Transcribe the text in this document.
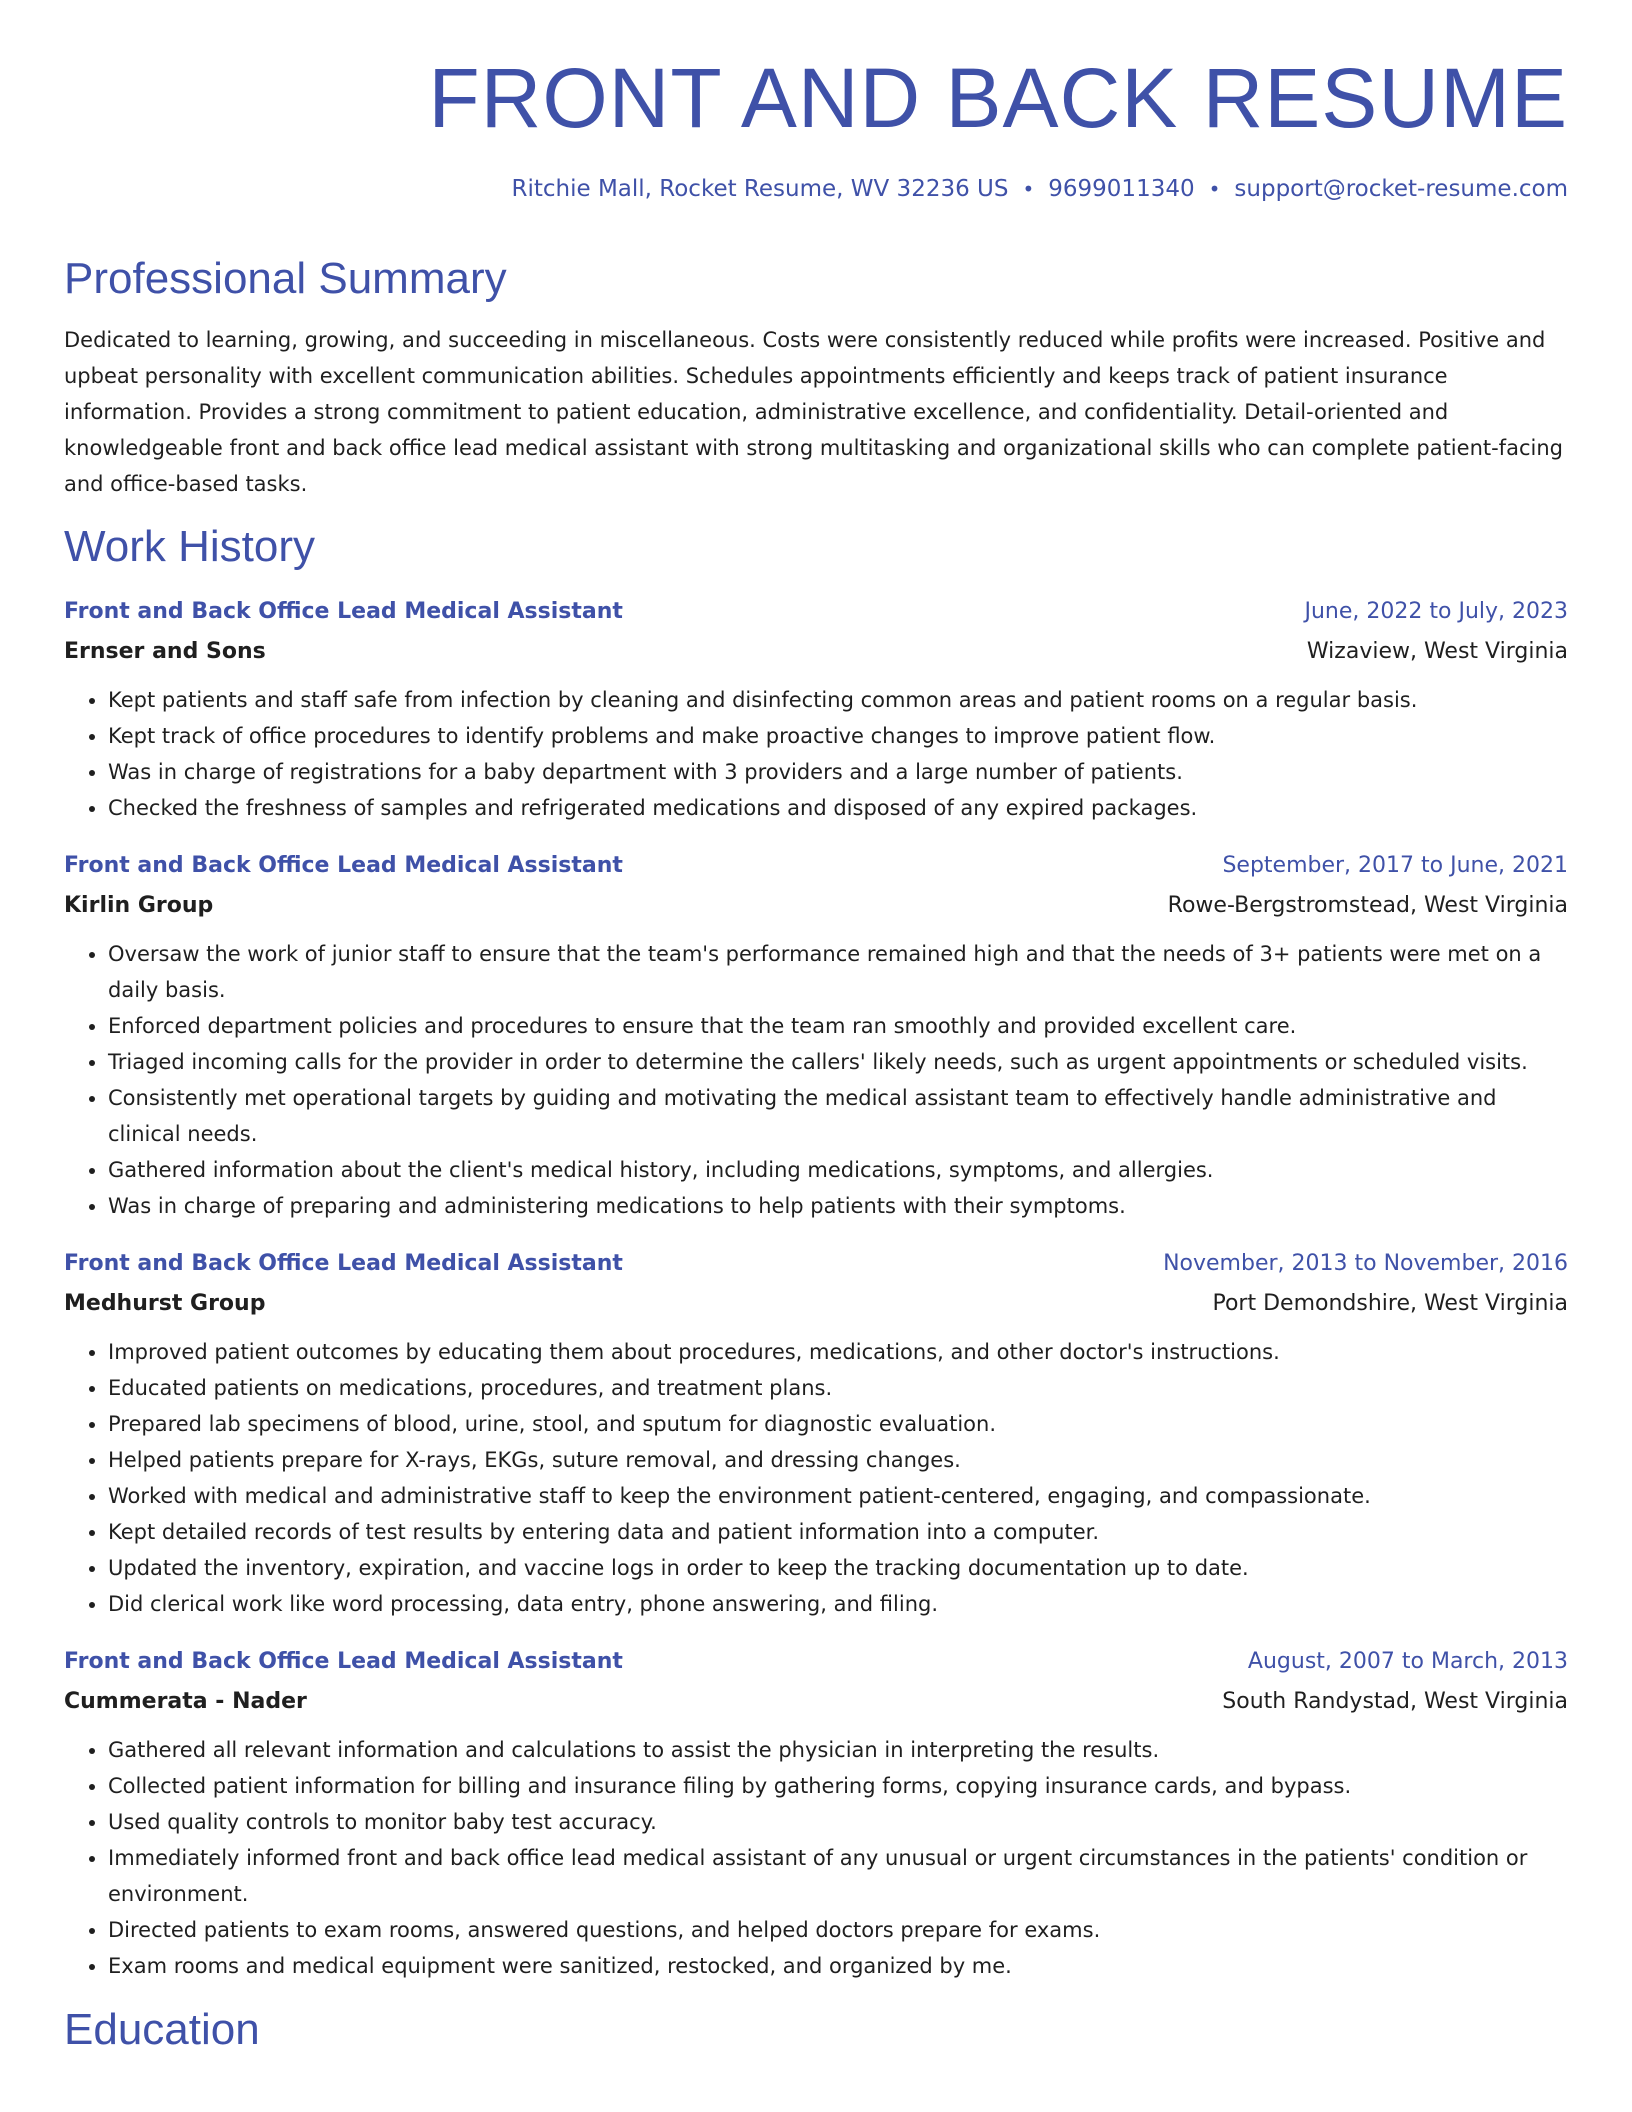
FRONT AND BACK RESUME
Ritchie Mall, Rocket Resume, WV 32236 US • 9699011340 • support@rocket-resume.com
Professional Summary

Dedicated to learning, growing, and succeeding in miscellaneous. Costs were consistently reduced while profits were increased. Positive and upbeat personality with excellent communication abilities. Schedules appointments efficiently and keeps track of patient insurance information. Provides a strong commitment to patient education, administrative excellence, and confidentiality. Detail-oriented and knowledgeable front and back office lead medical assistant with strong multitasking and organizational skills who can complete patient-facing and office-based tasks.

Work History
Front and Back Office Lead Medical Assistant	June, 2022 to July, 2023
Ernser and Sons	Wizaview, West Virginia
• Kept patients and staff safe from infection by cleaning and disinfecting common areas and patient rooms on a regular basis.
• Kept track of office procedures to identify problems and make proactive changes to improve patient flow.
• Was in charge of registrations for a baby department with 3 providers and a large number of patients.
• Checked the freshness of samples and refrigerated medications and disposed of any expired packages.
Front and Back Office Lead Medical Assistant	September, 2017 to June, 2021
Kirlin Group	Rowe-Bergstromstead, West Virginia
• Oversaw the work of junior staff to ensure that the team's performance remained high and that the needs of 3+ patients were met on a daily basis.
• Enforced department policies and procedures to ensure that the team ran smoothly and provided excellent care.
• Triaged incoming calls for the provider in order to determine the callers' likely needs, such as urgent appointments or scheduled visits.
• Consistently met operational targets by guiding and motivating the medical assistant team to effectively handle administrative and clinical needs.
• Gathered information about the client's medical history, including medications, symptoms, and allergies.
• Was in charge of preparing and administering medications to help patients with their symptoms.
Front and Back Office Lead Medical Assistant	November, 2013 to November, 2016
Medhurst Group	Port Demondshire, West Virginia
• Improved patient outcomes by educating them about procedures, medications, and other doctor's instructions.
• Educated patients on medications, procedures, and treatment plans.
• Prepared lab specimens of blood, urine, stool, and sputum for diagnostic evaluation.
• Helped patients prepare for X-rays, EKGs, suture removal, and dressing changes.
• Worked with medical and administrative staff to keep the environment patient-centered, engaging, and compassionate.
• Kept detailed records of test results by entering data and patient information into a computer.
• Updated the inventory, expiration, and vaccine logs in order to keep the tracking documentation up to date.
• Did clerical work like word processing, data entry, phone answering, and filing.
Front and Back Office Lead Medical Assistant	August, 2007 to March, 2013
Cummerata - Nader	South Randystad, West Virginia
• Gathered all relevant information and calculations to assist the physician in interpreting the results.
• Collected patient information for billing and insurance filing by gathering forms, copying insurance cards, and bypass.
• Used quality controls to monitor baby test accuracy.
• Immediately informed front and back office lead medical assistant of any unusual or urgent circumstances in the patients' condition or environment.
• Directed patients to exam rooms, answered questions, and helped doctors prepare for exams.
• Exam rooms and medical equipment were sanitized, restocked, and organized by me.
Education
